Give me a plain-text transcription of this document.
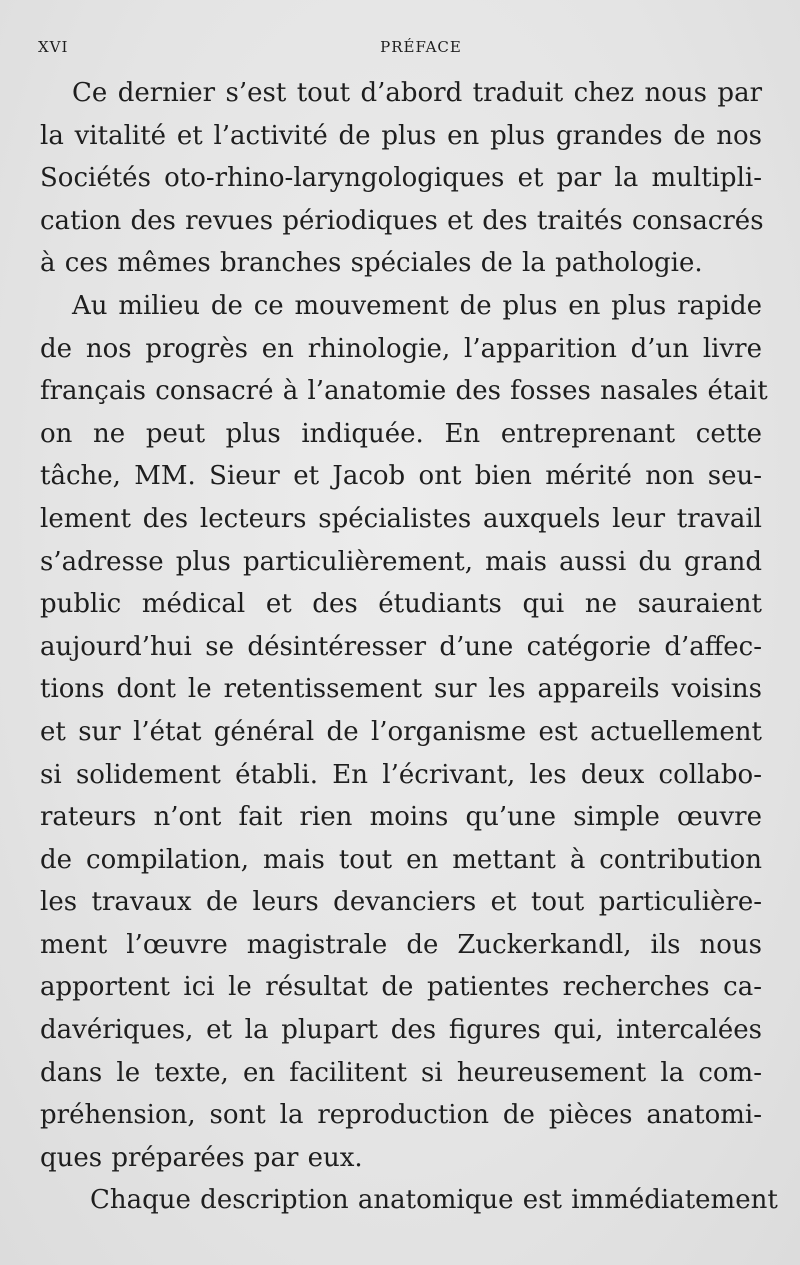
XVI	PRÉFACE
Ce dernier s’est tout d’abord traduit chez nous par
la vitalité et l’activité de plus en plus grandes de nos
Sociétés oto-rhino-laryngologiques et par la multipli-
cation des revues périodiques et des traités consacrés
à ces mêmes branches spéciales de la pathologie.
Au milieu de ce mouvement de plus en plus rapide
de nos progrès en rhinologie, l’apparition d’un livre
français consacré à l’anatomie des fosses nasales était
on ne peut plus indiquée. En entreprenant cette
tâche, MM. Sieur et Jacob ont bien mérité non seu-
lement des lecteurs spécialistes auxquels leur travail
s’adresse plus particulièrement, mais aussi du grand
public médical et des étudiants qui ne sauraient
aujourd’hui se désintéresser d’une catégorie d’affec-
tions dont le retentissement sur les appareils voisins
et sur l’état général de l’organisme est actuellement
si solidement établi. En l’écrivant, les deux collabo-
rateurs n’ont fait rien moins qu’une simple œuvre
de compilation, mais tout en mettant à contribution
les travaux de leurs devanciers et tout particulière-
ment l’œuvre magistrale de Zuckerkandl, ils nous
apportent ici le résultat de patientes recherches ca-
davériques, et la plupart des figures qui, intercalées
dans le texte, en facilitent si heureusement la com-
préhension, sont la reproduction de pièces anatomi-
ques préparées par eux.
Chaque description anatomique est immédiatement
